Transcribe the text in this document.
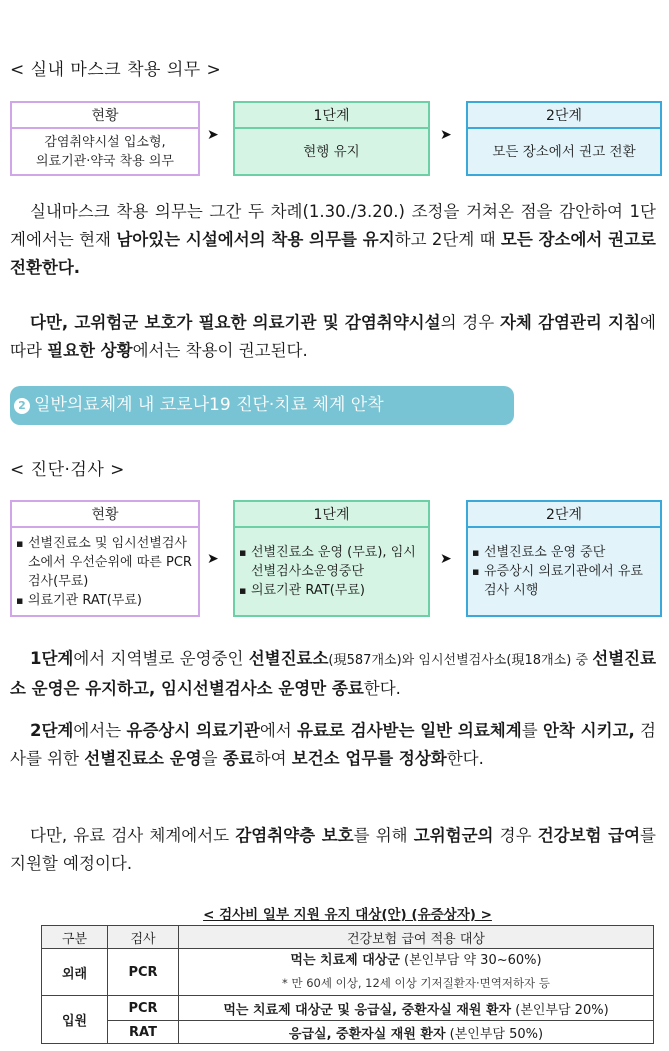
< 실내 마스크 착용 의무 >
현황
감염취약시설 입소형,
의료기관·약국 착용 의무
➤
1단계
현행 유지
➤
2단계
모든 장소에서 권고 전환
실내마스크 착용 의무는 그간 두 차례(1.30./3.20.) 조정을 거쳐온 점을 감안하여 1단계에서는 현재 남아있는 시설에서의 착용 의무를 유지하고 2단계 때 모든 장소에서 권고로 전환한다.
다만, 고위험군 보호가 필요한 의료기관 및 감염취약시설의 경우 자체 감염관리 지침에 따라 필요한 상황에서는 착용이 권고된다.
2 일반의료체계 내 코로나19 진단·치료 체계 안착
< 진단·검사 >
현황
▪ 선별진료소 및 임시선별검사소에서 우선순위에 따른 PCR 검사(무료)
▪ 의료기관 RAT(무료)
➤
1단계
▪ 선별진료소 운영 (무료), 임시선별검사소운영중단
▪ 의료기관 RAT(무료)
➤
2단계
▪ 선별진료소 운영 중단
▪ 유증상시 의료기관에서 유료 검사 시행
1단계에서 지역별로 운영중인 선별진료소(現587개소)와 임시선별검사소(現18개소) 중 선별진료소 운영은 유지하고, 임시선별검사소 운영만 종료한다.
2단계에서는 유증상시 의료기관에서 유료로 검사받는 일반 의료체계를 안착 시키고, 검사를 위한 선별진료소 운영을 종료하여 보건소 업무를 정상화한다.
다만, 유료 검사 체계에서도 감염취약층 보호를 위해 고위험군의 경우 건강보험 급여를 지원할 예정이다.
< 검사비 일부 지원 유지 대상(안) (유증상자) >
구분	검사	건강보험 급여 적용 대상
외래	PCR	먹는 치료제 대상군 (본인부담 약 30~60%)
* 만 60세 이상, 12세 이상 기저질환자·면역저하자 등

입원	PCR	먹는 치료제 대상군 및 응급실, 중환자실 재원 환자 (본인부담 20%)
	RAT	응급실, 중환자실 재원 환자 (본인부담 50%)
